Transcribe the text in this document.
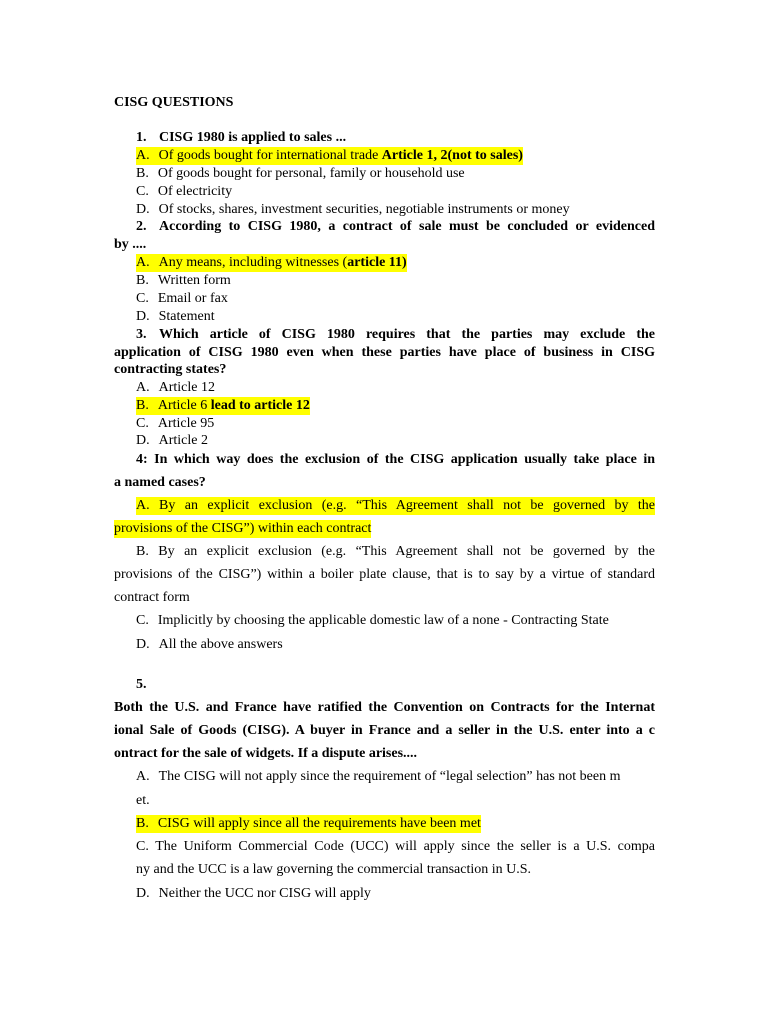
CISG QUESTIONS
1. CISG 1980 is applied to sales ...
A. Of goods bought for international trade Article 1, 2(not to sales)
B. Of goods bought for personal, family or household use
C. Of electricity
D. Of stocks, shares, investment securities, negotiable instruments or money
2. According to CISG 1980, a contract of sale must be concluded or evidenced
by ....
A. Any means, including witnesses (article 11)
B. Written form
C. Email or fax
D. Statement
3. Which article of CISG 1980 requires that the parties may exclude the
application of CISG 1980 even when these parties have place of business in CISG
contracting states?
A. Article 12
B. Article 6 lead to article 12
C. Article 95
D. Article 2
4: In which way does the exclusion of the CISG application usually take place in
a named cases?
A. By an explicit exclusion (e.g. “This Agreement shall not be governed by the
provisions of the CISG”) within each contract
B. By an explicit exclusion (e.g. “This Agreement shall not be governed by the
provisions of the CISG”) within a boiler plate clause, that is to say by a virtue of standard
contract form
C. Implicitly by choosing the applicable domestic law of a none - Contracting State
D. All the above answers
5.
Both the U.S. and France have ratified the Convention on Contracts for the Internat
ional Sale of Goods (CISG). A buyer in France and a seller in the U.S. enter into a c
ontract for the sale of widgets. If a dispute arises....
A. The CISG will not apply since the requirement of “legal selection” has not been m
et.
B. CISG will apply since all the requirements have been met
C. The Uniform Commercial Code (UCC) will apply since the seller is a U.S. compa
ny and the UCC is a law governing the commercial transaction in U.S.
D. Neither the UCC nor CISG will apply
